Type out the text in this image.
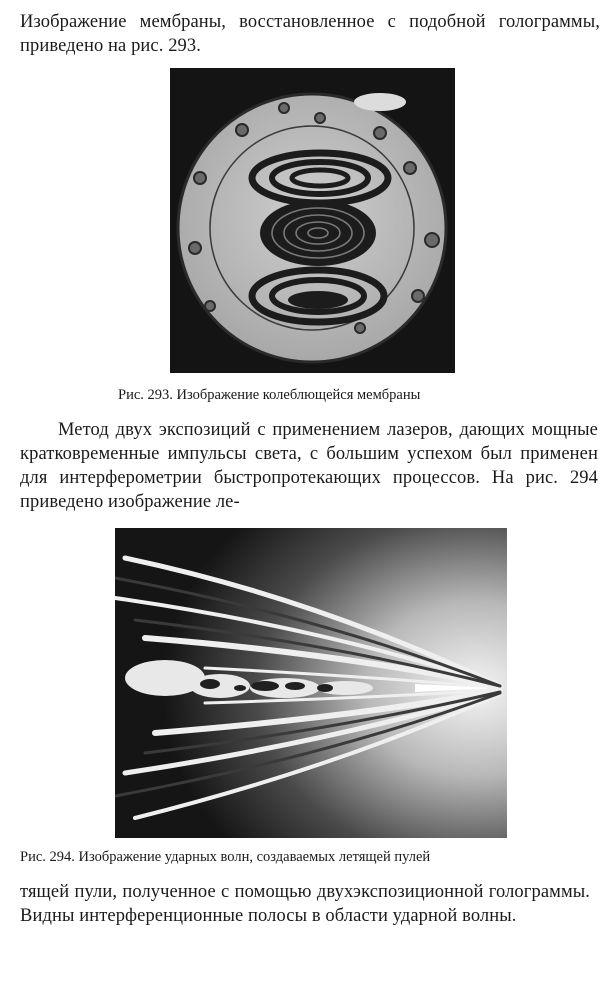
Изображение мембраны, восстановленное с подобной голограммы, приведено на рис. 293.

Рис. 293. Изображение колеблющейся мембраны

Метод двух экспозиций с применением лазеров, дающих мощные кратковременные импульсы света, с большим успехом был применен для интерферометрии быстропротекающих процессов. На рис. 294 приведено изображение ле-

Рис. 294. Изображение ударных волн, создаваемых летящей пулей

тящей пули, полученное с помощью двухэкспозиционной голограммы. Видны интерференционные полосы в области ударной волны.
